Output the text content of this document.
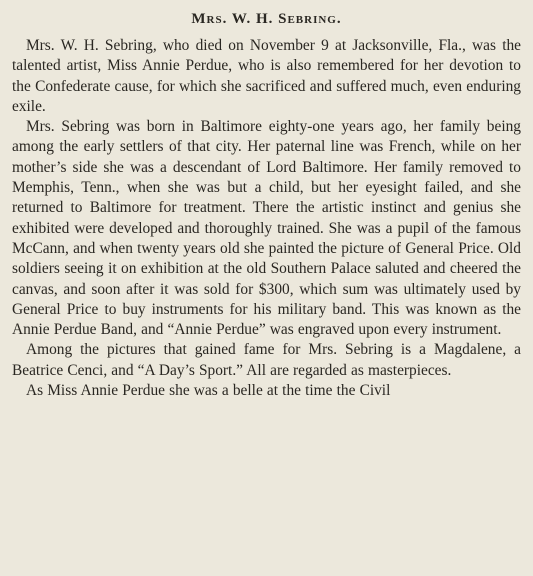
Mrs. W. H. Sebring.

Mrs. W. H. Sebring, who died on November 9 at Jacksonville, Fla., was the talented artist, Miss Annie Perdue, who is also remembered for her devotion to the Confederate cause, for which she sacrificed and suffered much, even enduring exile.

Mrs. Sebring was born in Baltimore eighty-one years ago, her family being among the early settlers of that city. Her paternal line was French, while on her mother’s side she was a descendant of Lord Baltimore. Her family removed to Memphis, Tenn., when she was but a child, but her eyesight failed, and she returned to Baltimore for treatment. There the artistic instinct and genius she exhibited were developed and thoroughly trained. She was a pupil of the famous McCann, and when twenty years old she painted the picture of General Price. Old soldiers seeing it on exhibition at the old Southern Palace saluted and cheered the canvas, and soon after it was sold for $300, which sum was ultimately used by General Price to buy instruments for his military band. This was known as the Annie Perdue Band, and “Annie Perdue” was engraved upon every instrument.

Among the pictures that gained fame for Mrs. Sebring is a Magdalene, a Beatrice Cenci, and “A Day’s Sport.” All are regarded as masterpieces.

As Miss Annie Perdue she was a belle at the time the Civil
